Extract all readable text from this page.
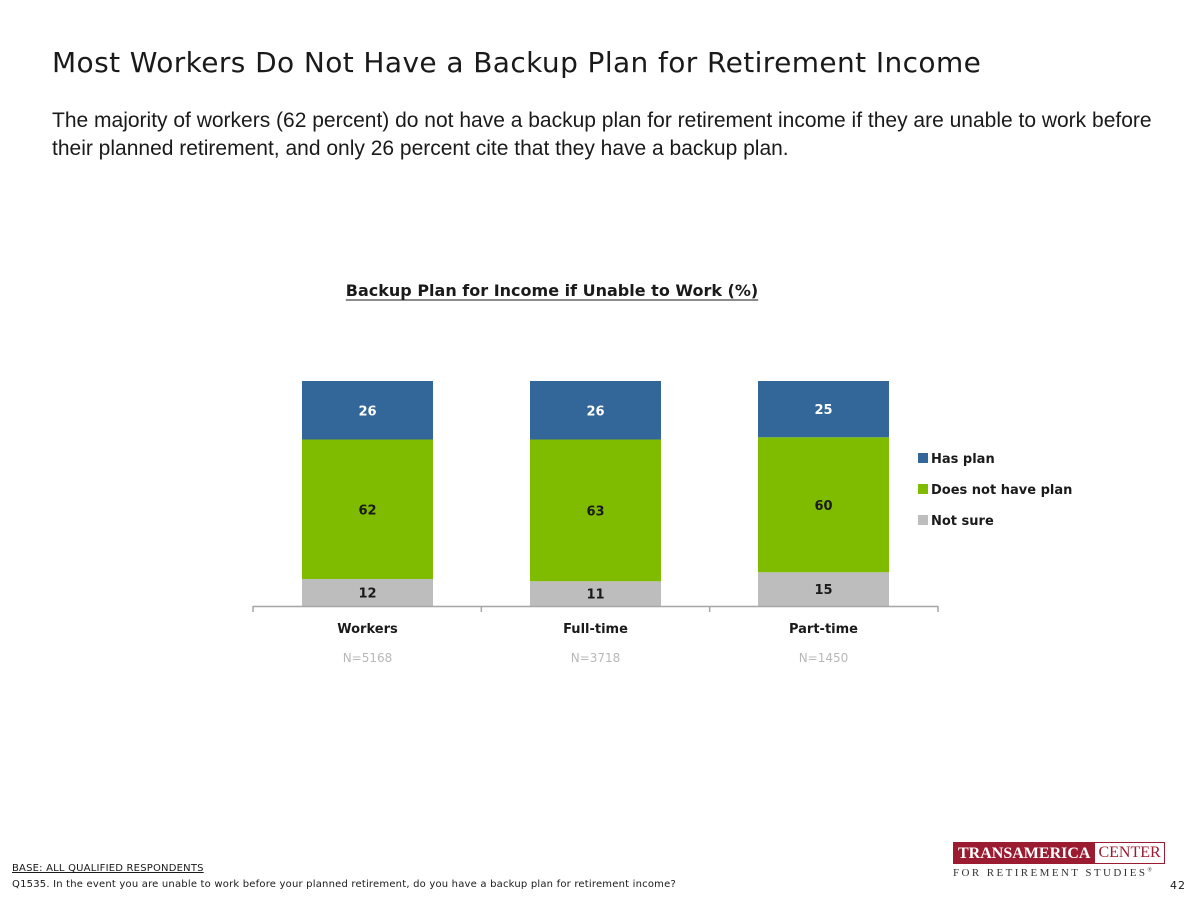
Most Workers Do Not Have a Backup Plan for Retirement Income

The majority of workers (62 percent) do not have a backup plan for retirement income if they are unable to work before their planned retirement, and only 26 percent cite that they have a backup plan.

Backup Plan for Income if Unable to Work (%)
12
62
26
11
63
26
15
60
25
Workers
N=5168
Full-time
N=3718
Part-time
N=1450
Has plan
Does not have plan
Not sure
BASE: ALL QUALIFIED RESPONDENTS
Q1535. In the event you are unable to work before your planned retirement, do you have a backup plan for retirement income?
TRANSAMERICA CENTER
FOR RETIREMENT STUDIES®
42
